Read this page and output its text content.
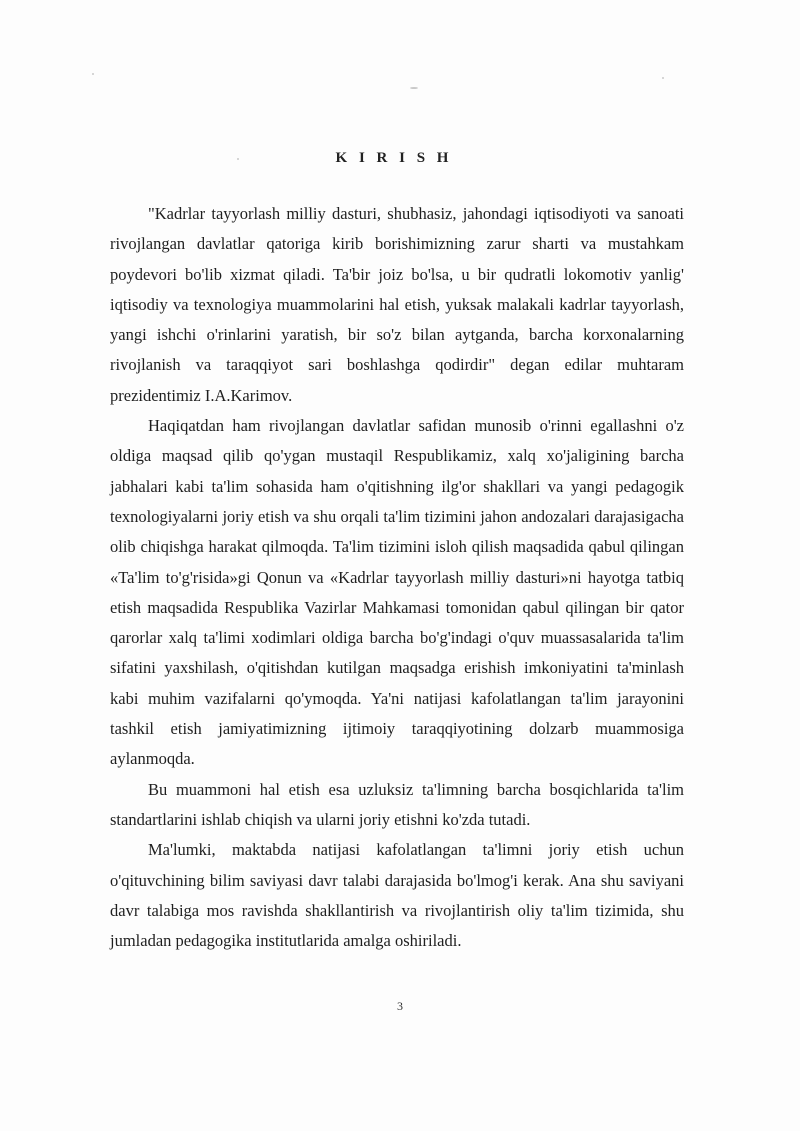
K I R I S H

"Kadrlar tayyorlash milliy dasturi, shubhasiz, jahondagi iqtisodiyoti va sanoati rivojlangan davlatlar qatoriga kirib borishimizning zarur sharti va mustahkam poydevori bo'lib xizmat qiladi. Ta'bir joiz bo'lsa, u bir qudratli lokomotiv yanlig' iqtisodiy va texnologiya muammolarini hal etish, yuksak malakali kadrlar tayyorlash, yangi ishchi o'rinlarini yaratish, bir so'z bilan aytganda, barcha korxonalarning rivojlanish va taraqqiyot sari boshlashga qodirdir" degan edilar muhtaram prezidentimiz I.A.Karimov.

Haqiqatdan ham rivojlangan davlatlar safidan munosib o'rinni egallashni o'z oldiga maqsad qilib qo'ygan mustaqil Respublikamiz, xalq xo'jaligining barcha jabhalari kabi ta'lim sohasida ham o'qitishning ilg'or shakllari va yangi pedagogik texnologiyalarni joriy etish va shu orqali ta'lim tizimini jahon andozalari darajasigacha olib chiqishga harakat qilmoqda. Ta'lim tizimini isloh qilish maqsadida qabul qilingan «Ta'lim to'g'risida»gi Qonun va «Kadrlar tayyorlash milliy dasturi»ni hayotga tatbiq etish maqsadida Respublika Vazirlar Mahkamasi tomonidan qabul qilingan bir qator qarorlar xalq ta'limi xodimlari oldiga barcha bo'g'indagi o'quv muassasalarida ta'lim sifatini yaxshilash, o'qitishdan kutilgan maqsadga erishish imkoniyatini ta'minlash kabi muhim vazifalarni qo'ymoqda. Ya'ni natijasi kafolatlangan ta'lim jarayonini tashkil etish jamiyatimizning ijtimoiy taraqqiyotining dolzarb muammosiga aylanmoqda.

Bu muammoni hal etish esa uzluksiz ta'limning barcha bosqichlarida ta'lim standartlarini ishlab chiqish va ularni joriy etishni ko'zda tutadi.

Ma'lumki, maktabda natijasi kafolatlangan ta'limni joriy etish uchun o'qituvchining bilim saviyasi davr talabi darajasida bo'lmog'i kerak. Ana shu saviyani davr talabiga mos ravishda shakllantirish va rivojlantirish oliy ta'lim tizimida, shu jumladan pedagogika institutlarida amalga oshiriladi.

3
